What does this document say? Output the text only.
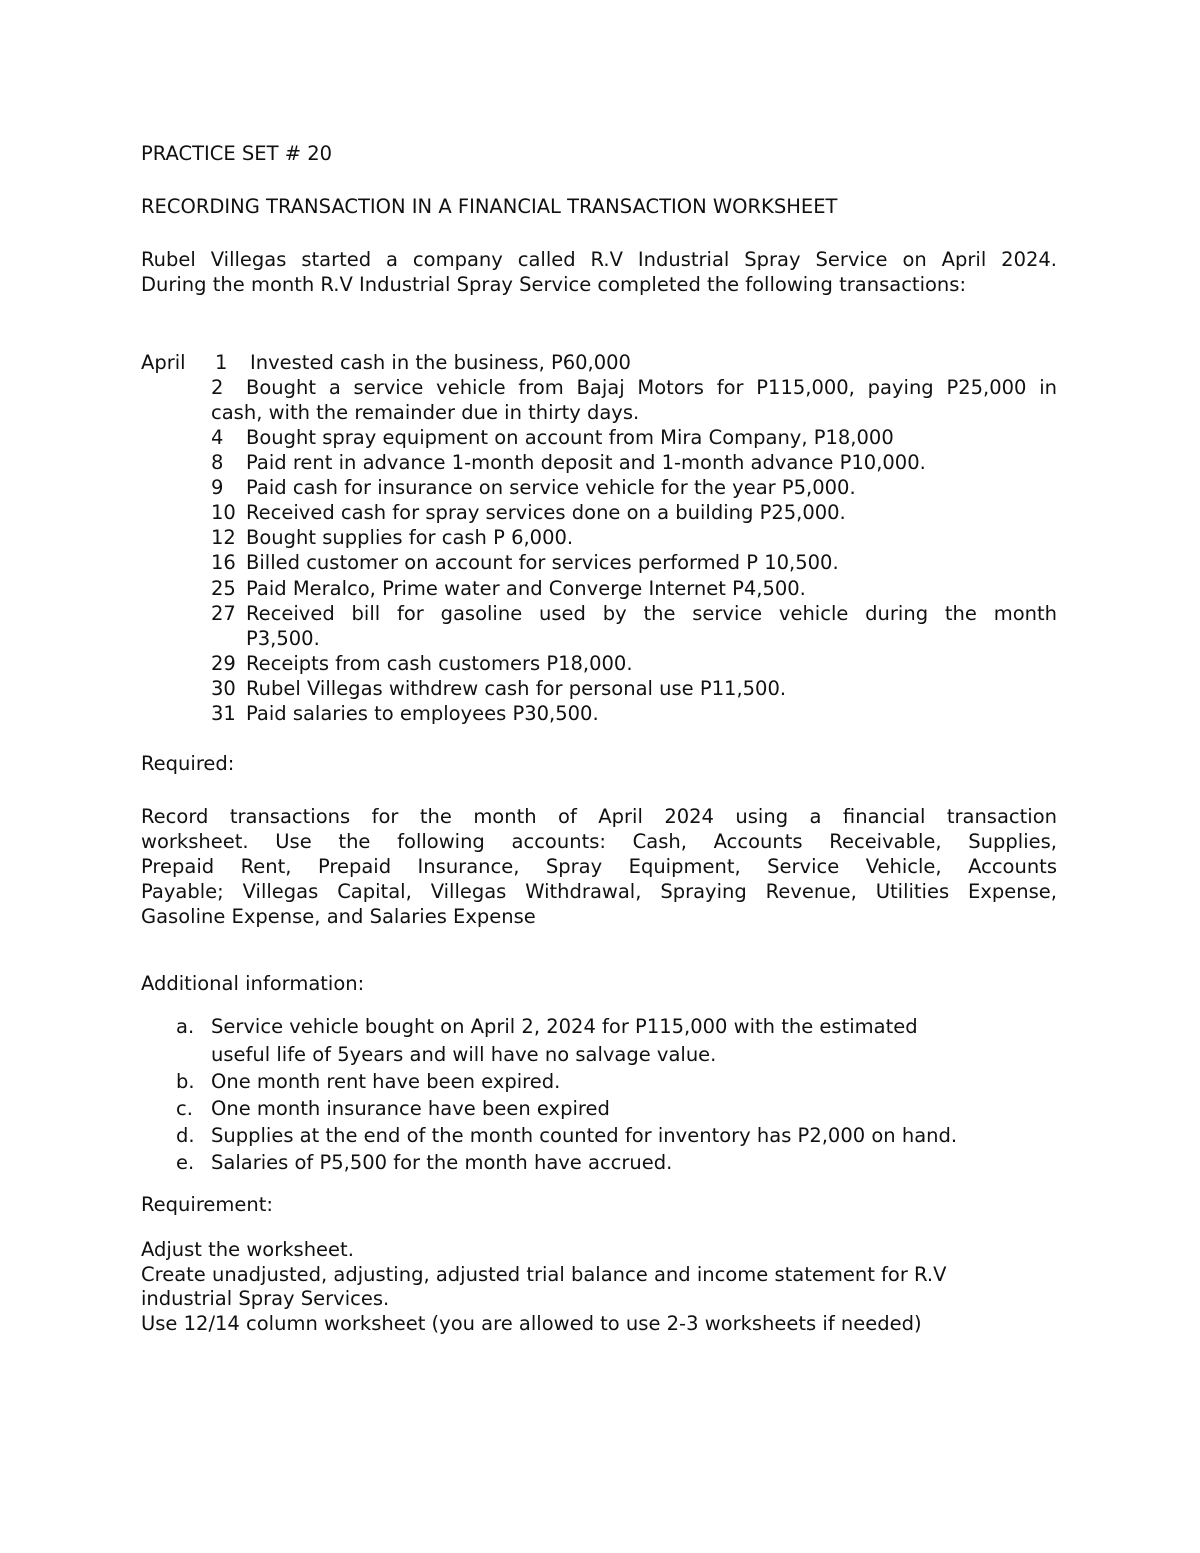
PRACTICE SET # 20

RECORDING TRANSACTION IN A FINANCIAL TRANSACTION WORKSHEET

Rubel Villegas started a company called R.V Industrial Spray Service on April 2024.

During the month R.V Industrial Spray Service completed the following transactions:

April 1 Invested cash in the business, P60,000
2 Bought a service vehicle from Bajaj Motors for P115,000, paying P25,000 in
cash, with the remainder due in thirty days.
4 Bought spray equipment on account from Mira Company, P18,000
8 Paid rent in advance 1-month deposit and 1-month advance P10,000.
9 Paid cash for insurance on service vehicle for the year P5,000.
10 Received cash for spray services done on a building P25,000.
12 Bought supplies for cash P 6,000.
16 Billed customer on account for services performed P 10,500.
25 Paid Meralco, Prime water and Converge Internet P4,500.
27 Received bill for gasoline used by the service vehicle during the month
P3,500.
29 Receipts from cash customers P18,000.
30 Rubel Villegas withdrew cash for personal use P11,500.
31 Paid salaries to employees P30,500.

Required:

Record transactions for the month of April 2024 using a financial transaction
worksheet. Use the following accounts: Cash, Accounts Receivable, Supplies,
Prepaid Rent, Prepaid Insurance, Spray Equipment, Service Vehicle, Accounts
Payable; Villegas Capital, Villegas Withdrawal, Spraying Revenue, Utilities Expense,
Gasoline Expense, and Salaries Expense

Additional information:

a. Service vehicle bought on April 2, 2024 for P115,000 with the estimated
useful life of 5years and will have no salvage value.
b. One month rent have been expired.
c. One month insurance have been expired
d. Supplies at the end of the month counted for inventory has P2,000 on hand.
e. Salaries of P5,500 for the month have accrued.

Requirement:

Adjust the worksheet.

Create unadjusted, adjusting, adjusted trial balance and income statement for R.V

industrial Spray Services.

Use 12/14 column worksheet (you are allowed to use 2-3 worksheets if needed)
